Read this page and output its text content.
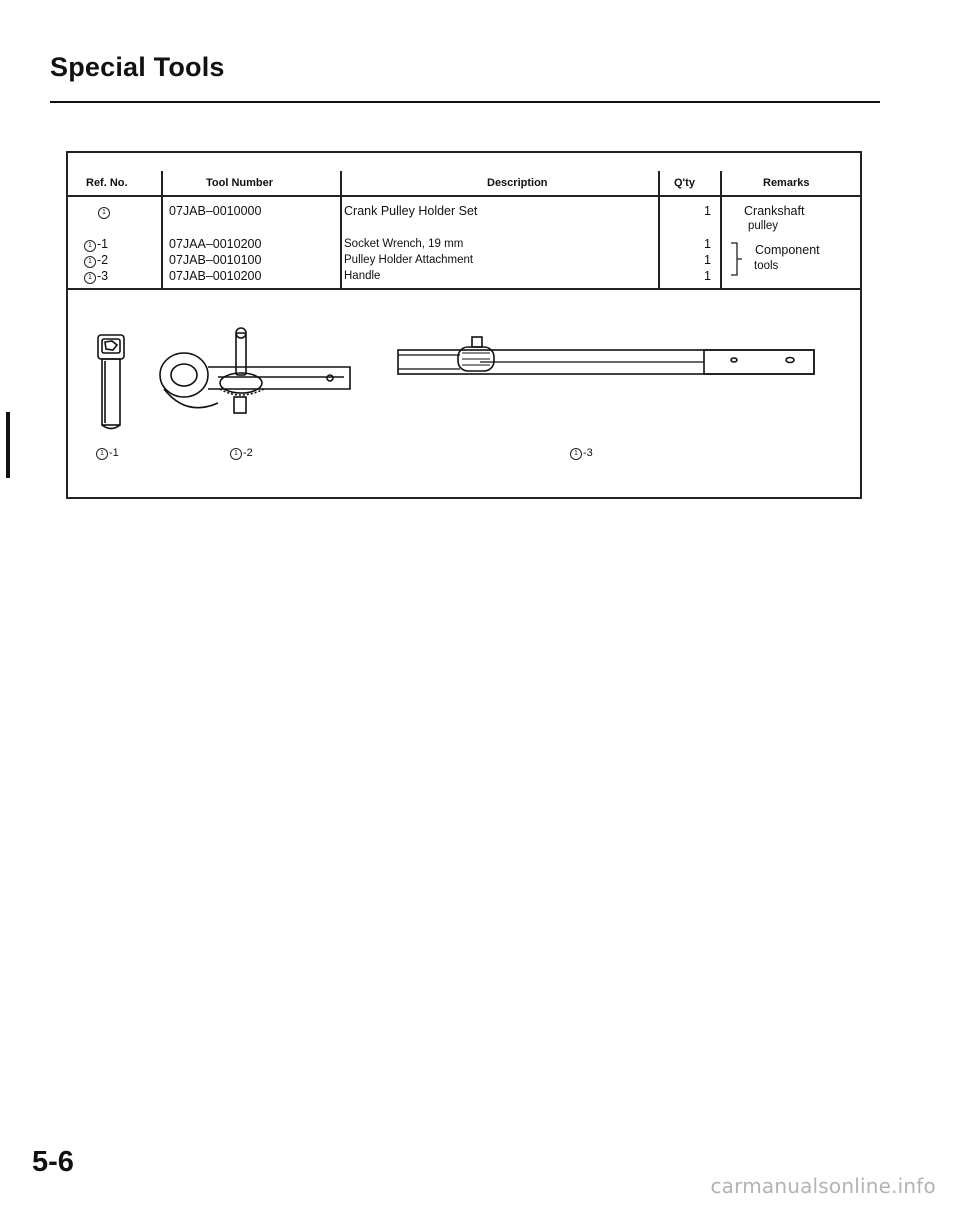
Special Tools
Ref. No.	Tool Number	Description	Q'ty	Remarks
1	07JAB–0010000	Crank Pulley Holder Set	1	Crankshaft
pulley
1 -1	07JAA–0010200	Socket Wrench, 19 mm	1
1 -2	07JAB–0010100	Pulley Holder Attachment	1
1 -3	07JAB–0010200	Handle	1
Component
tools
1 -1	1 -2	1 -3
5-6
carmanualsonline.info
